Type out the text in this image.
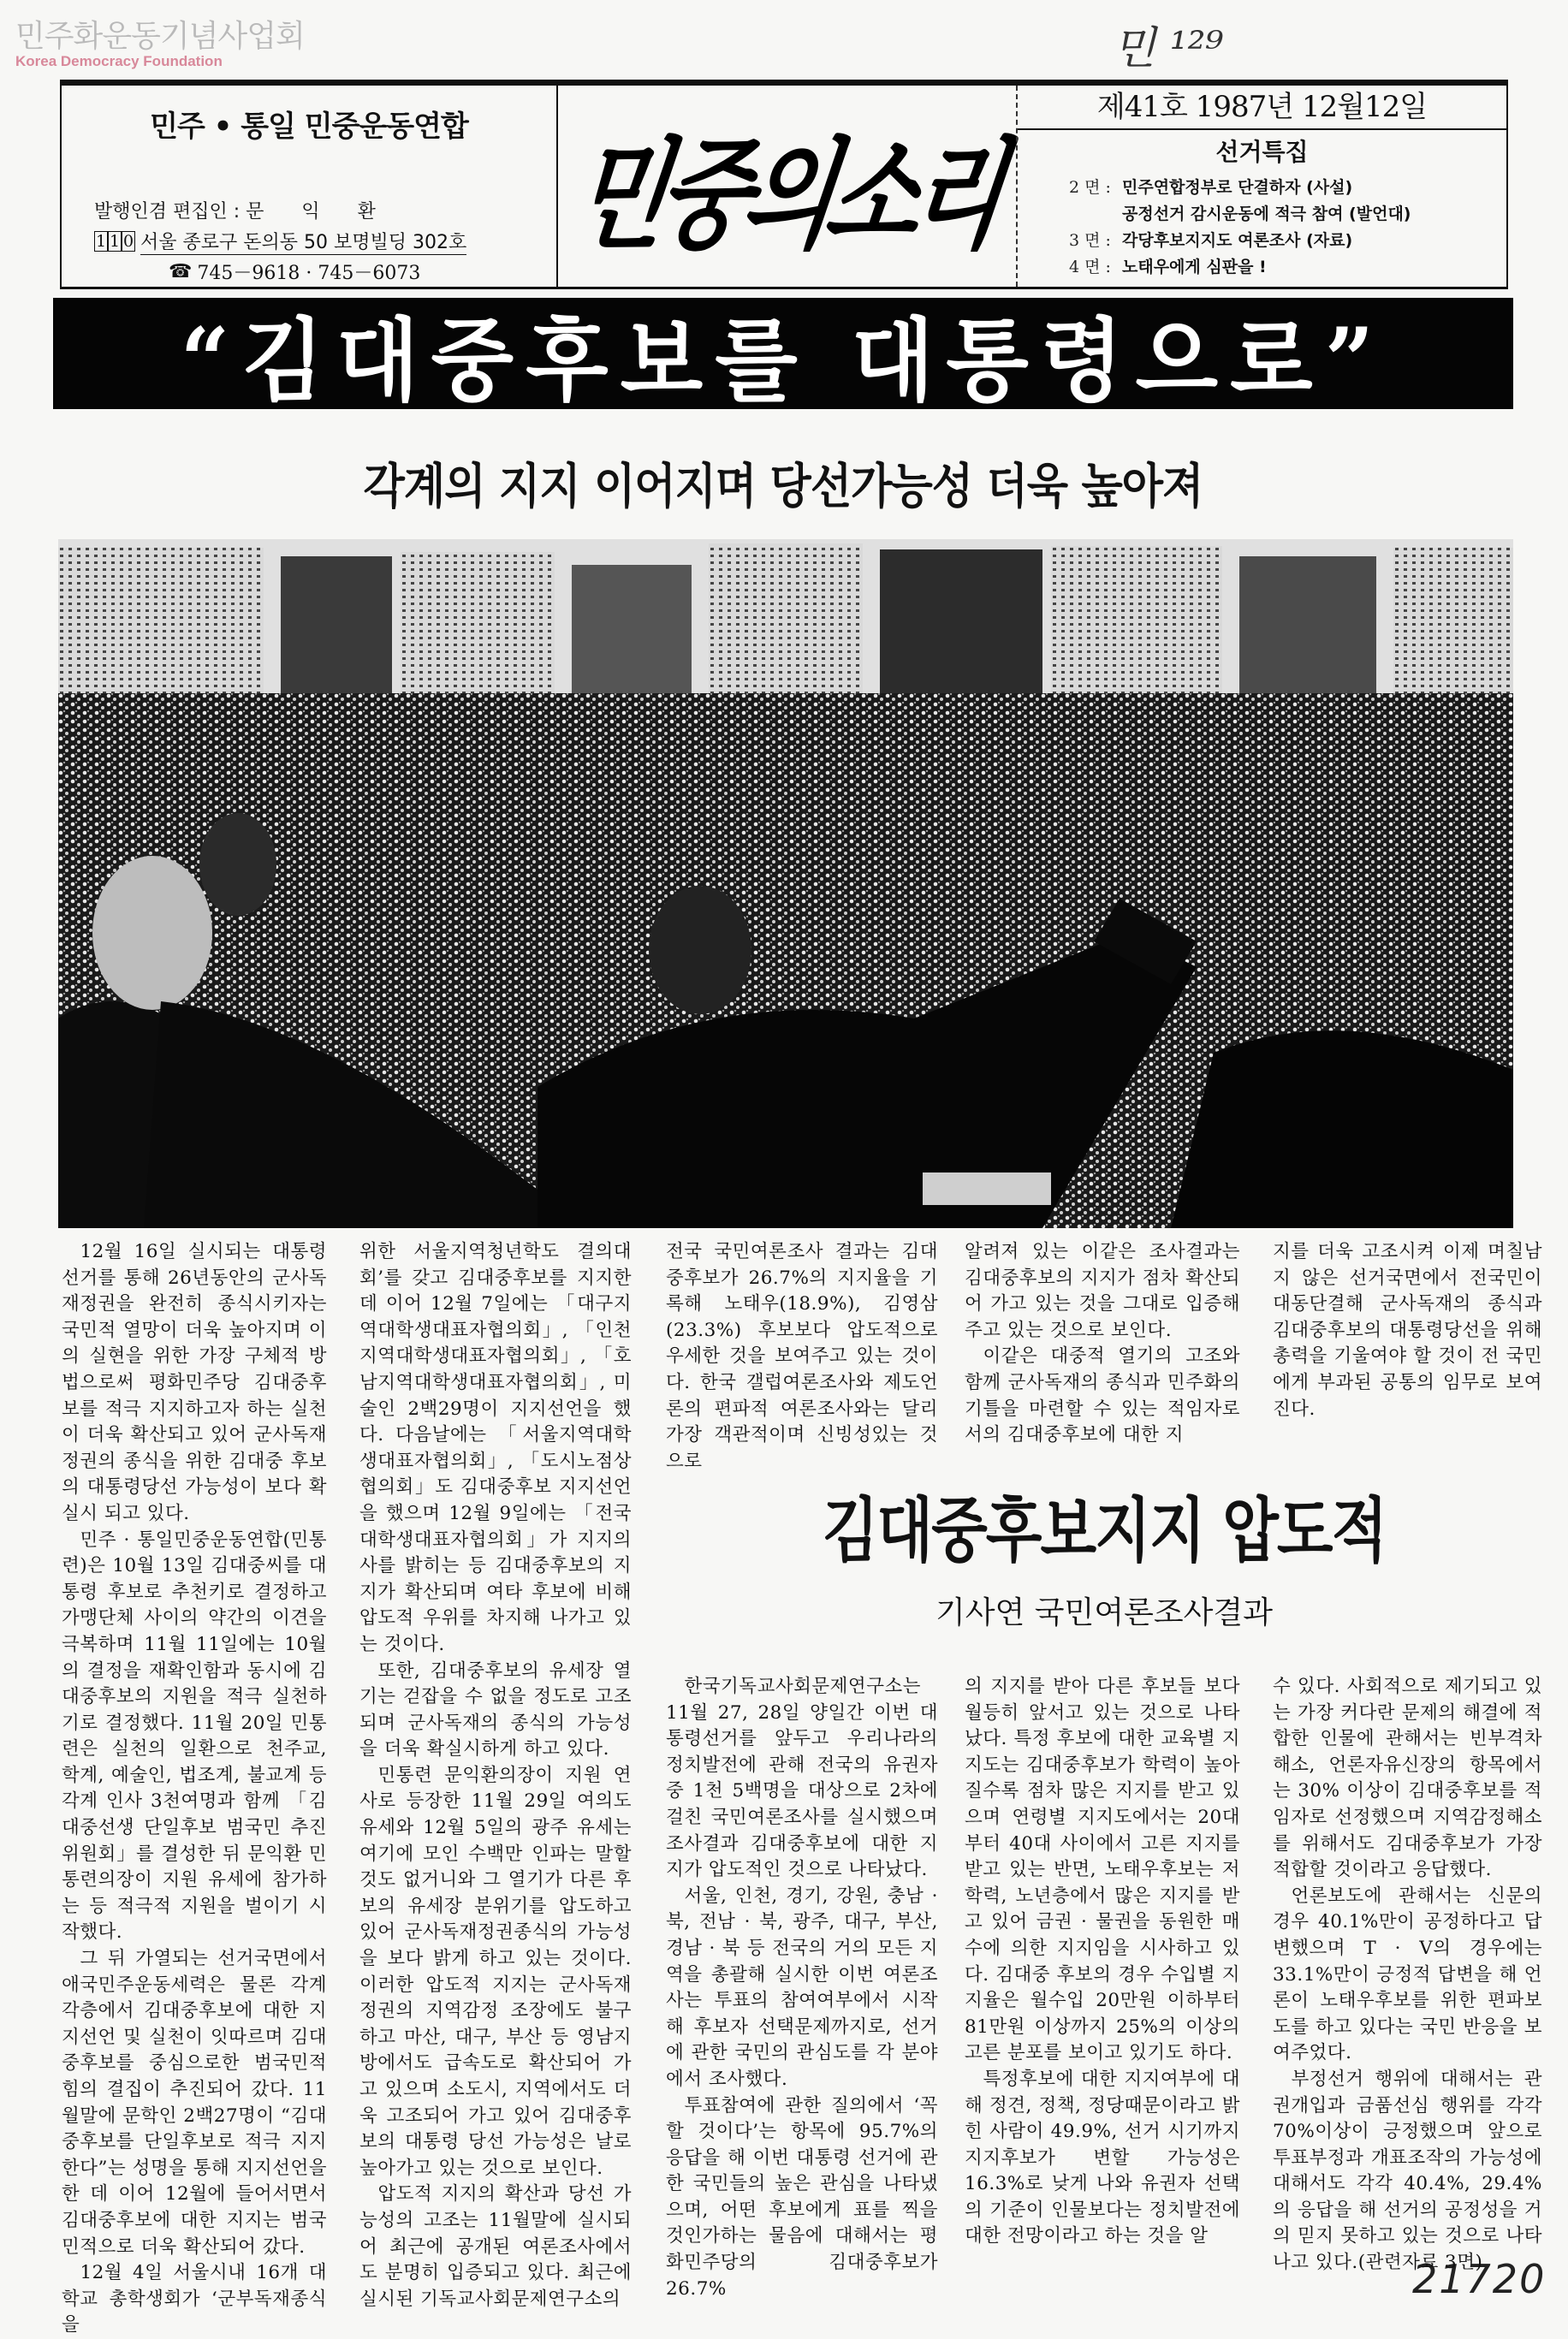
민주화운동기념사업회
Korea Democracy Foundation	민 ¹²⁹
21720
민주 • 통일 민중운동연합
발행인겸 편집인 : 문　　익　　환
1 1 0 서울 종로구 돈의동 50 보명빌딩 302호
☎ 745－9618 · 745－6073
민중의소리
제41호 1987년 12월12일
선거특집
2 면 : 민주연합정부로 단결하자 (사설)
공정선거 감시운동에 적극 참여 (발언대)
3 면 : 각당후보지지도 여론조사 (자료)
4 면 : 노태우에게 심판을 !
“김대중후보를 대통령으로”
각계의 지지 이어지며 당선가능성 더욱 높아져

12월 16일 실시되는 대통령선거를 통해 26년동안의 군사독재정권을 완전히 종식시키자는 국민적 열망이 더욱 높아지며 이의 실현을 위한 가장 구체적 방법으로써 평화민주당 김대중후보를 적극 지지하고자 하는 실천이 더욱 확산되고 있어 군사독재정권의 종식을 위한 김대중 후보의 대통령당선 가능성이 보다 확실시 되고 있다.

민주 · 통일민중운동연합(민통련)은 10월 13일 김대중씨를 대통령 후보로 추천키로 결정하고 가맹단체 사이의 약간의 이견을 극복하며 11월 11일에는 10월의 결정을 재확인함과 동시에 김대중후보의 지원을 적극 실천하기로 결정했다. 11월 20일 민통련은 실천의 일환으로 천주교, 학계, 예술인, 법조계, 불교계 등 각계 인사 3천여명과 함께 「김대중선생 단일후보 범국민 추진위원회」를 결성한 뒤 문익환 민통련의장이 지원 유세에 참가하는 등 적극적 지원을 벌이기 시작했다.

그 뒤 가열되는 선거국면에서 애국민주운동세력은 물론 각계각층에서 김대중후보에 대한 지지선언 및 실천이 잇따르며 김대중후보를 중심으로한 범국민적 힘의 결집이 추진되어 갔다. 11월말에 문학인 2백27명이 “김대중후보를 단일후보로 적극 지지한다”는 성명을 통해 지지선언을 한 데 이어 12월에 들어서면서 김대중후보에 대한 지지는 범국민적으로 더욱 확산되어 갔다.

12월 4일 서울시내 16개 대학교 총학생회가 ‘군부독재종식을

위한 서울지역청년학도 결의대회’를 갖고 김대중후보를 지지한데 이어 12월 7일에는 「대구지역대학생대표자협의회」, 「인천지역대학생대표자협의회」, 「호남지역대학생대표자협의회」, 미술인 2백29명이 지지선언을 했다. 다음날에는 「서울지역대학생대표자협의회」, 「도시노점상협의회」도 김대중후보 지지선언을 했으며 12월 9일에는 「전국대학생대표자협의회」가 지지의사를 밝히는 등 김대중후보의 지지가 확산되며 여타 후보에 비해 압도적 우위를 차지해 나가고 있는 것이다.

또한, 김대중후보의 유세장 열기는 걷잡을 수 없을 정도로 고조되며 군사독재의 종식의 가능성을 더욱 확실시하게 하고 있다.

민통련 문익환의장이 지원 연사로 등장한 11월 29일 여의도 유세와 12월 5일의 광주 유세는 여기에 모인 수백만 인파는 말할 것도 없거니와 그 열기가 다른 후보의 유세장 분위기를 압도하고 있어 군사독재정권종식의 가능성을 보다 밝게 하고 있는 것이다. 이러한 압도적 지지는 군사독재정권의 지역감정 조장에도 불구하고 마산, 대구, 부산 등 영남지방에서도 급속도로 확산되어 가고 있으며 소도시, 지역에서도 더욱 고조되어 가고 있어 김대중후보의 대통령 당선 가능성은 날로 높아가고 있는 것으로 보인다.

압도적 지지의 확산과 당선 가능성의 고조는 11월말에 실시되어 최근에 공개된 여론조사에서도 분명히 입증되고 있다. 최근에 실시된 기독교사회문제연구소의

전국 국민여론조사 결과는 김대중후보가 26.7%의 지지율을 기록해 노태우(18.9%), 김영삼(23.3%) 후보보다 압도적으로 우세한 것을 보여주고 있는 것이다. 한국 갤럽여론조사와 제도언론의 편파적 여론조사와는 달리 가장 객관적이며 신빙성있는 것으로

알려져 있는 이같은 조사결과는 김대중후보의 지지가 점차 확산되어 가고 있는 것을 그대로 입증해 주고 있는 것으로 보인다.

이같은 대중적 열기의 고조와 함께 군사독재의 종식과 민주화의 기틀을 마련할 수 있는 적임자로서의 김대중후보에 대한 지

지를 더욱 고조시켜 이제 며칠남지 않은 선거국면에서 전국민이 대동단결해 군사독재의 종식과 김대중후보의 대통령당선을 위해 총력을 기울여야 할 것이 전 국민에게 부과된 공통의 임무로 보여진다.

김대중후보지지 압도적
기사연 국민여론조사결과

한국기독교사회문제연구소는 11월 27, 28일 양일간 이번 대통령선거를 앞두고 우리나라의 정치발전에 관해 전국의 유권자 중 1천 5백명을 대상으로 2차에 걸친 국민여론조사를 실시했으며 조사결과 김대중후보에 대한 지지가 압도적인 것으로 나타났다.

서울, 인천, 경기, 강원, 충남 · 북, 전남 · 북, 광주, 대구, 부산, 경남 · 북 등 전국의 거의 모든 지역을 총괄해 실시한 이번 여론조사는 투표의 참여여부에서 시작해 후보자 선택문제까지로, 선거에 관한 국민의 관심도를 각 분야에서 조사했다.

투표참여에 관한 질의에서 ‘꼭 할 것이다’는 항목에 95.7%의 응답을 해 이번 대통령 선거에 관한 국민들의 높은 관심을 나타냈으며, 어떤 후보에게 표를 찍을 것인가하는 물음에 대해서는 평화민주당의 김대중후보가 26.7%

의 지지를 받아 다른 후보들 보다 월등히 앞서고 있는 것으로 나타났다. 특정 후보에 대한 교육별 지지도는 김대중후보가 학력이 높아질수록 점차 많은 지지를 받고 있으며 연령별 지지도에서는 20대부터 40대 사이에서 고른 지지를 받고 있는 반면, 노태우후보는 저학력, 노년층에서 많은 지지를 받고 있어 금권 · 물권을 동원한 매수에 의한 지지임을 시사하고 있다. 김대중 후보의 경우 수입별 지지율은 월수입 20만원 이하부터 81만원 이상까지 25%의 이상의 고른 분포를 보이고 있기도 하다.

특정후보에 대한 지지여부에 대해 정견, 정책, 정당때문이라고 밝힌 사람이 49.9%, 선거 시기까지 지지후보가 변할 가능성은 16.3%로 낮게 나와 유권자 선택의 기준이 인물보다는 정치발전에 대한 전망이라고 하는 것을 알

수 있다. 사회적으로 제기되고 있는 가장 커다란 문제의 해결에 적합한 인물에 관해서는 빈부격차해소, 언론자유신장의 항목에서는 30% 이상이 김대중후보를 적임자로 선정했으며 지역감정해소를 위해서도 김대중후보가 가장 적합할 것이라고 응답했다.

언론보도에 관해서는 신문의 경우 40.1%만이 공정하다고 답변했으며 T · V의 경우에는 33.1%만이 긍정적 답변을 해 언론이 노태우후보를 위한 편파보도를 하고 있다는 국민 반응을 보여주었다.

부정선거 행위에 대해서는 관권개입과 금품선심 행위를 각각 70%이상이 긍정했으며 앞으로 투표부정과 개표조작의 가능성에 대해서도 각각 40.4%, 29.4%의 응답을 해 선거의 공정성을 거의 믿지 못하고 있는 것으로 나타나고 있다.(관련자료 3면)
